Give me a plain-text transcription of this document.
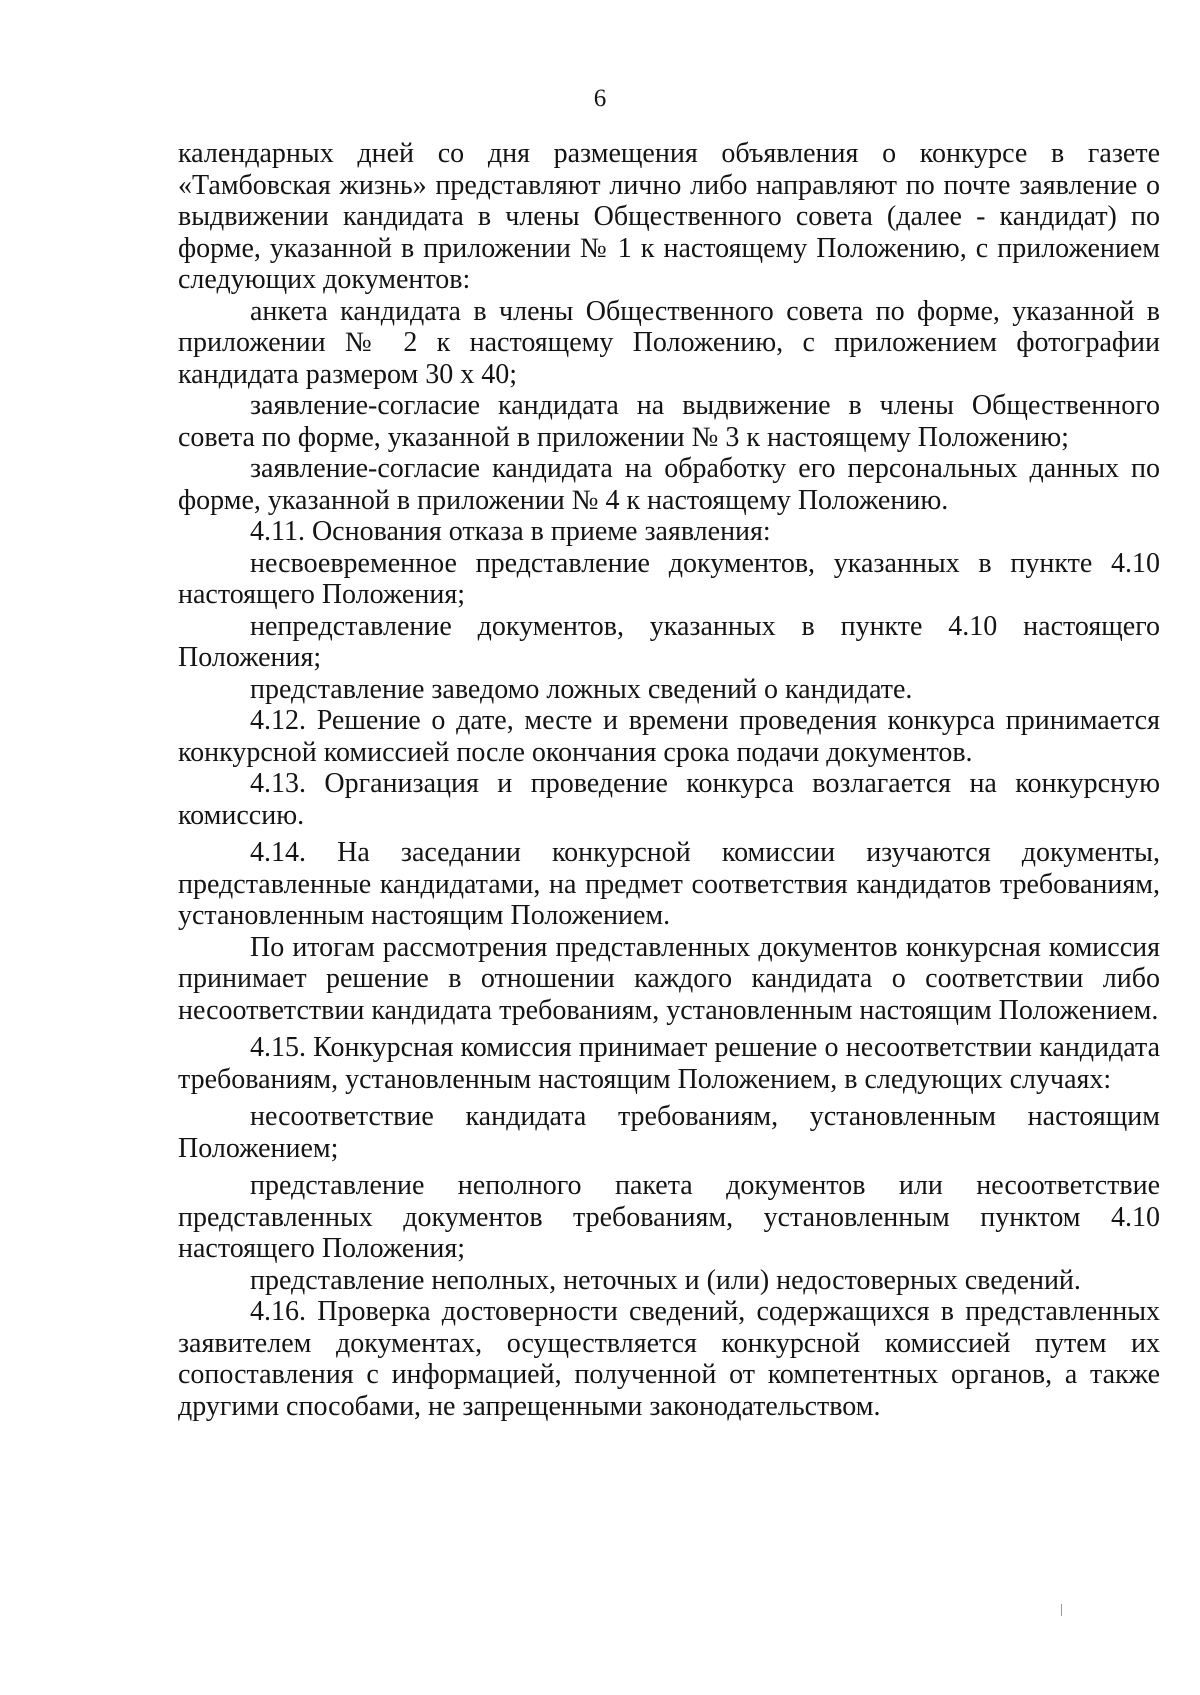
6

календарных дней со дня размещения объявления о конкурсе в газете «Тамбовская жизнь» представляют лично либо направляют по почте заявление о выдвижении кандидата в члены Общественного совета (далее - кандидат) по форме, указанной в приложении № 1 к настоящему Положению, с приложением следующих документов:

анкета кандидата в члены Общественного совета по форме, указанной в приложении № 2 к настоящему Положению, с приложением фотографии кандидата размером 30 х 40;

заявление-согласие кандидата на выдвижение в члены Общественного совета по форме, указанной в приложении № 3 к настоящему Положению;

заявление-согласие кандидата на обработку его персональных данных по форме, указанной в приложении № 4 к настоящему Положению.

4.11. Основания отказа в приеме заявления:

несвоевременное представление документов, указанных в пункте 4.10 настоящего Положения;

непредставление документов, указанных в пункте 4.10 настоящего Положения;

представление заведомо ложных сведений о кандидате.

4.12. Решение о дате, месте и времени проведения конкурса принимается конкурсной комиссией после окончания срока подачи документов.

4.13. Организация и проведение конкурса возлагается на конкурсную комиссию.

4.14. На заседании конкурсной комиссии изучаются документы, представленные кандидатами, на предмет соответствия кандидатов требованиям, установленным настоящим Положением.

По итогам рассмотрения представленных документов конкурсная комиссия принимает решение в отношении каждого кандидата о соответствии либо несоответствии кандидата требованиям, установленным настоящим Положением.

4.15. Конкурсная комиссия принимает решение о несоответствии кандидата требованиям, установленным настоящим Положением, в следующих случаях:

несоответствие кандидата требованиям, установленным настоящим Положением;

представление неполного пакета документов или несоответствие представленных документов требованиям, установленным пунктом 4.10 настоящего Положения;

представление неполных, неточных и (или) недостоверных сведений.

4.16. Проверка достоверности сведений, содержащихся в представленных заявителем документах, осуществляется конкурсной комиссией путем их сопоставления с информацией, полученной от компетентных органов, а также другими способами, не запрещенными законодательством.
